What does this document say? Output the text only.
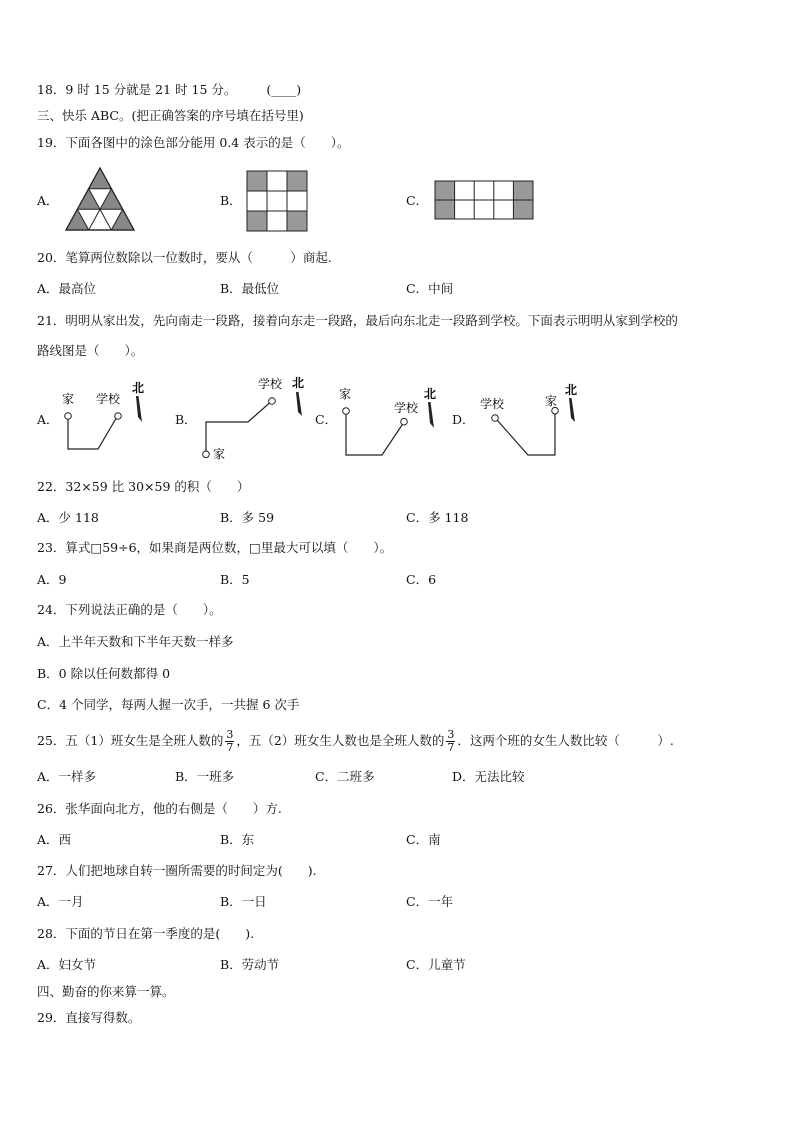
18．9 时 15 分就是 21 时 15 分。 (____)
三、快乐 ABC。(把正确答案的序号填在括号里)
19．下面各图中的涂色部分能用 0.4 表示的是（　　）。
A．	B．	C．
20．笔算两位数除以一位数时，要从（　　　）商起.
A．最高位	B．最低位	C．中间
21．明明从家出发，先向南走一段路，接着向东走一段路，最后向东北走一段路到学校。下面表示明明从家到学校的
路线图是（　　）。
A．	B．	C．	D．
家 学校
北	学校
家
北
家
学校
北
学校	家
北
22．32×59 比 30×59 的积（　　）
A．少 118	B．多 59	C．多 118
23．算式□59÷6，如果商是两位数，□里最大可以填（　　）。
A．9	B．5	C．6
24．下列说法正确的是（　　）。
A．上半年天数和下半年天数一样多
B．0 除以任何数都得 0
C．4 个同学，每两人握一次手，一共握 6 次手
25．五（1）班女生是全班人数的 $\frac{3}{7}$ ，五（2）班女生人数也是全班人数的 $\frac{3}{7}$ ．这两个班的女生人数比较（　　　）.
A．一样多	B．一班多	C．二班多	D．无法比较
26．张华面向北方，他的右侧是（　　）方.
A．西	B．东	C．南
27．人们把地球自转一圈所需要的时间定为(　　).
A．一月	B．一日	C．一年
28．下面的节日在第一季度的是(　　).
A．妇女节	B．劳动节	C．儿童节
四、勤奋的你来算一算。
29．直接写得数。
